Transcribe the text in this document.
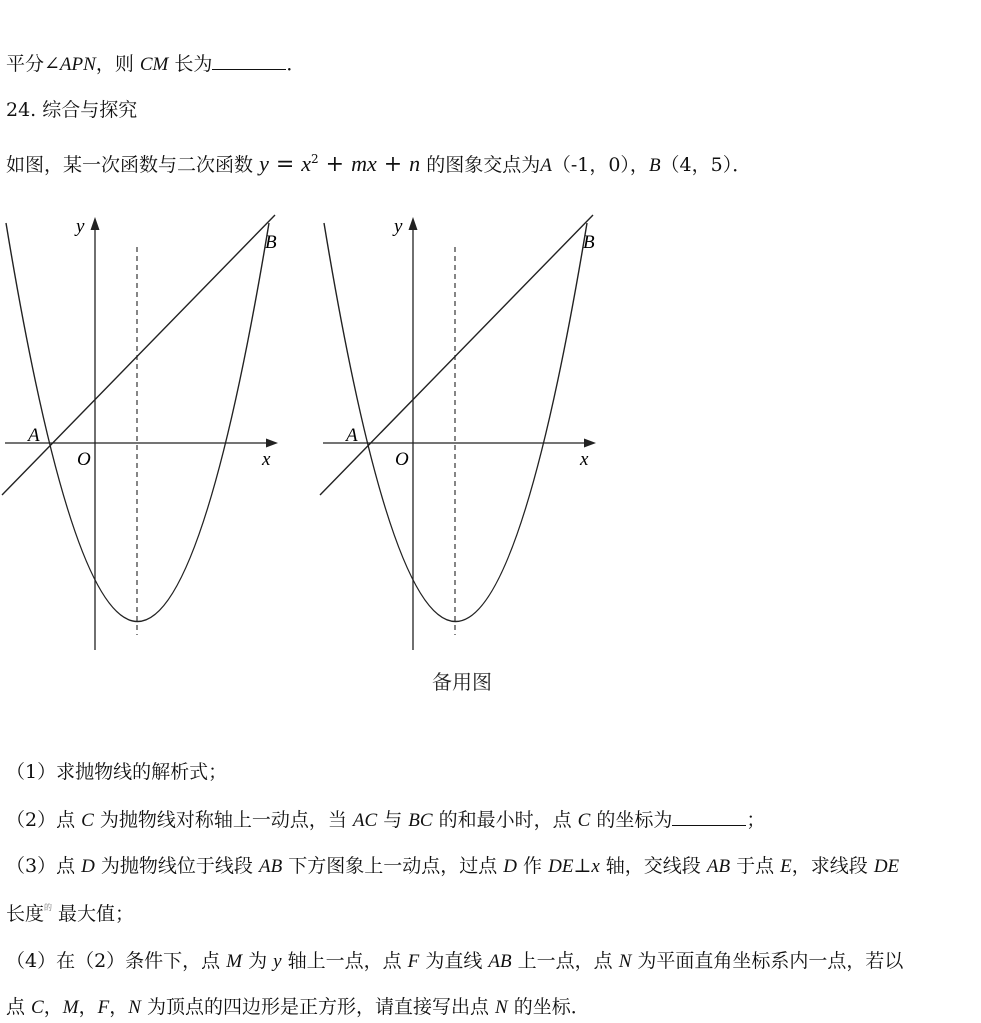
平分∠APN，则 CM 长为	．
24. 综合与探究
如图，某一次函数与二次函数 $y = x^2$ + mx + n 的图象交点为A（-1，0），B（4，5）．
A
B
O	x
y
A
B
O	x
y
备用图
（1）求抛物线的解析式；
（2）点 C 为抛物线对称轴上一动点，当 AC 与 BC 的和最小时，点 C 的坐标为	；
（3）点 D 为抛物线位于线段 AB 下方图象上一动点，过点 D 作 DE⊥x 轴，交线段 AB 于点 E，求线段 DE
长度$^的$ 最大值；
（4）在（2）条件下，点 M 为 y 轴上一点，点 F 为直线 AB 上一点，点 N 为平面直角坐标系内一点，若以
点 C，M，F，N 为顶点的四边形是正方形，请直接写出点 N 的坐标．
